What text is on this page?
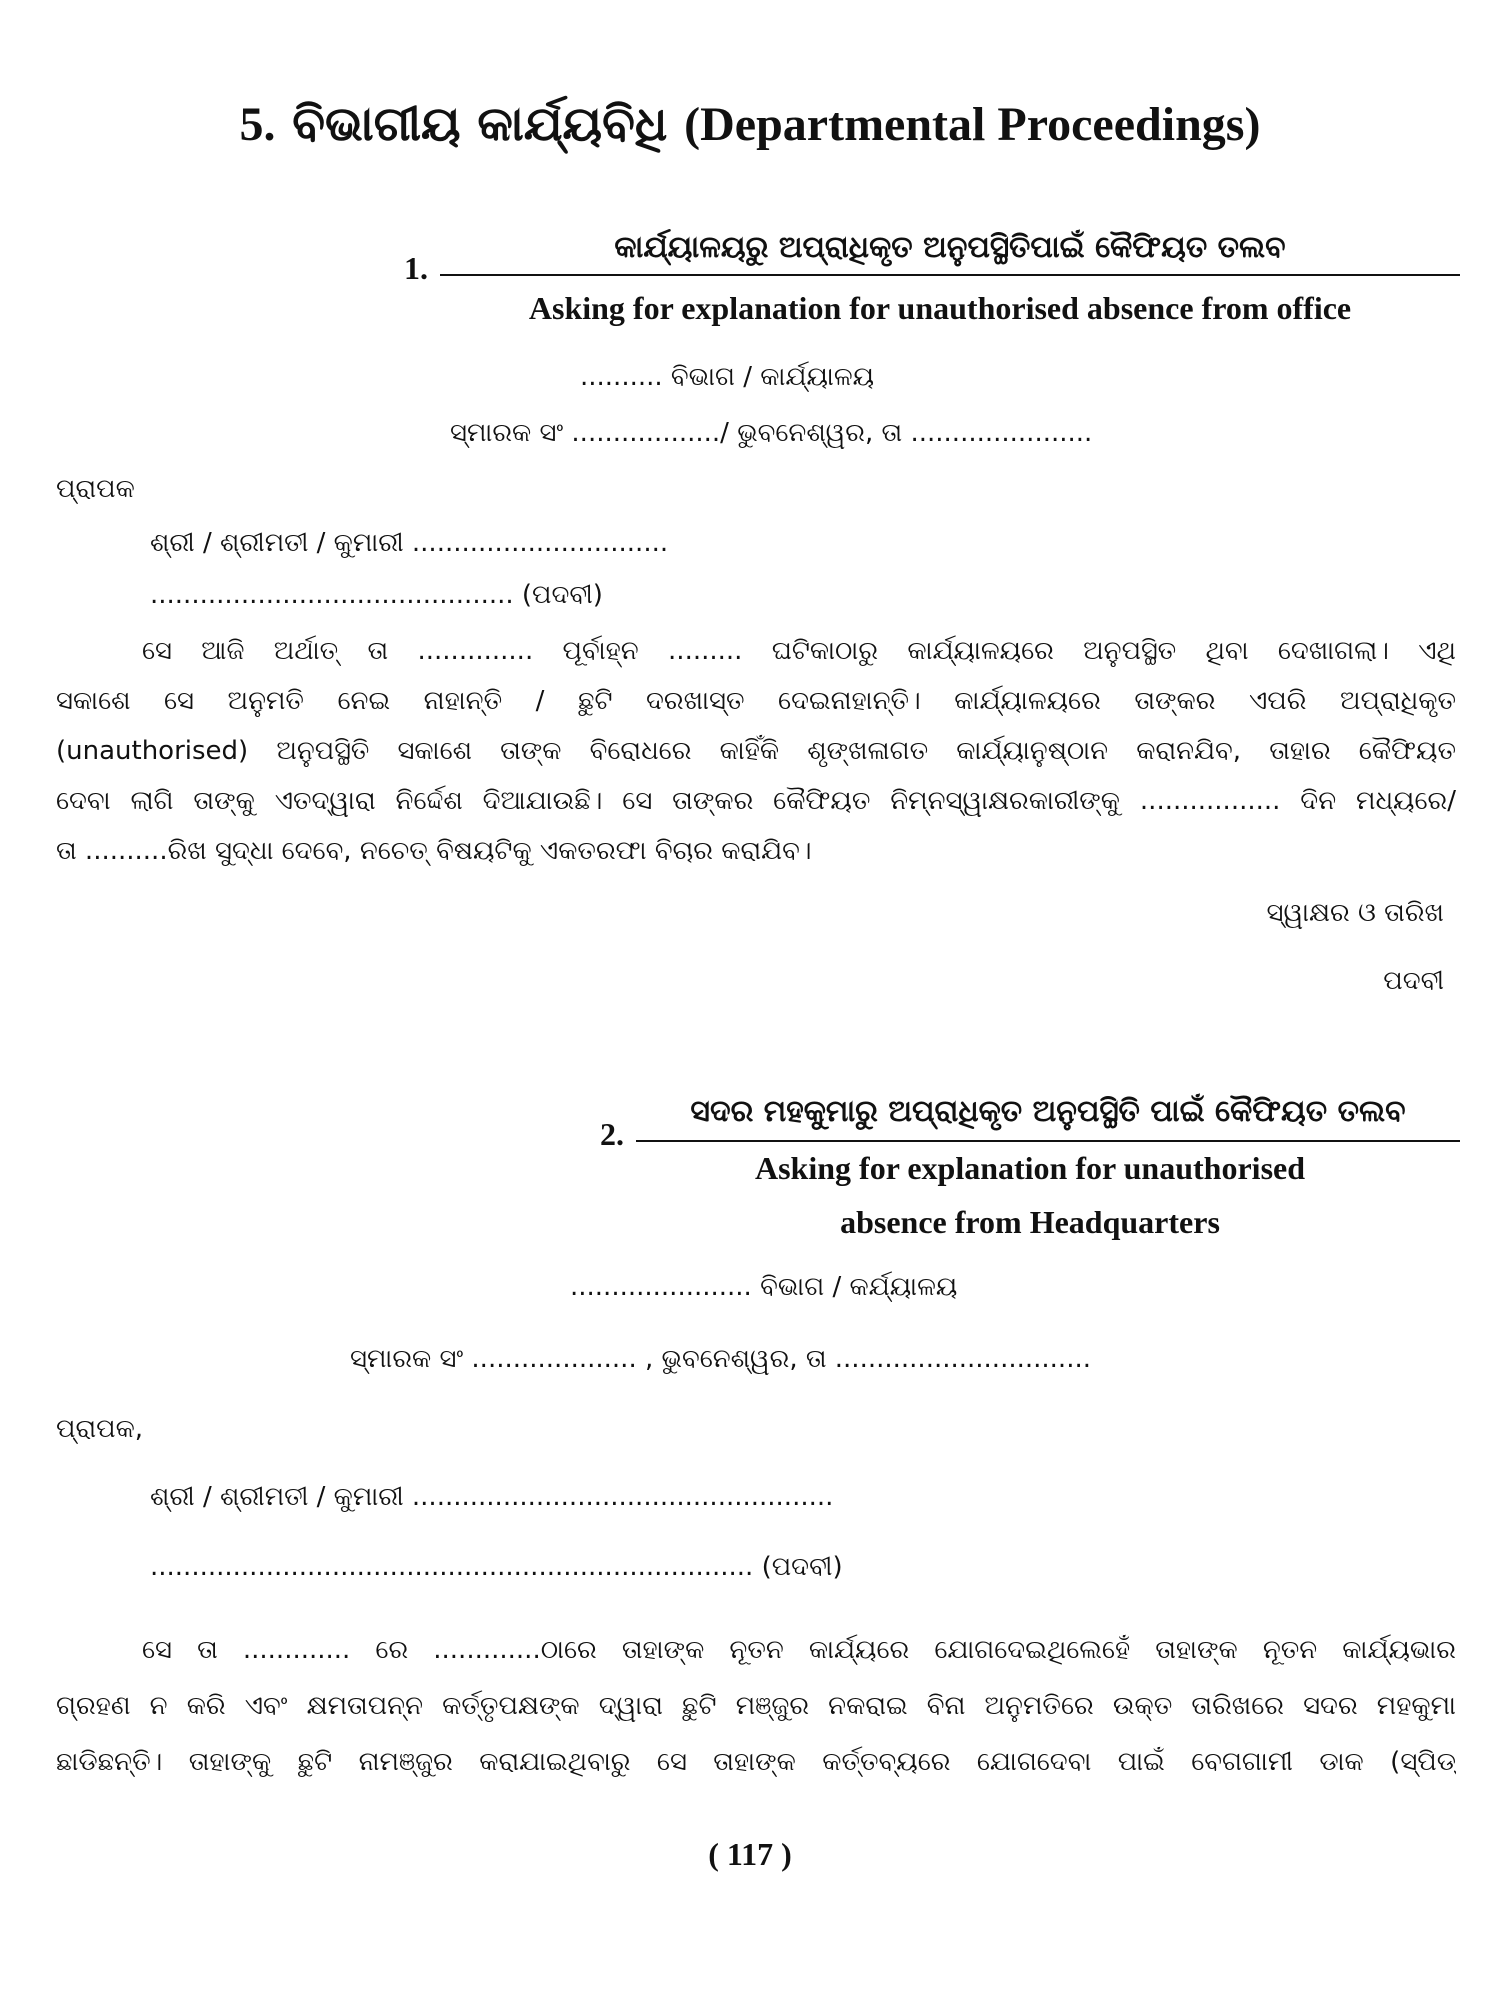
5. ବିଭାଗୀୟ କାର୍ଯ୍ୟବିଧି (Departmental Proceedings)
1.
କାର୍ଯ୍ୟାଳୟରୁ ଅପ୍ରାଧିକୃତ ଅନୁପସ୍ଥିତିପାଇଁ କୈଫିୟତ ତଲବ
Asking for explanation for unauthorised absence from office
.......... ବିଭାଗ / କାର୍ଯ୍ୟାଳୟ
ସ୍ମାରକ ସଂ ................../ ଭୁବନେଶ୍ୱର, ତା ......................
ପ୍ରାପକ
ଶ୍ରୀ / ଶ୍ରୀମତୀ / କୁମାରୀ ...............................
............................................ (ପଦବୀ)
ସେ ଆଜି ଅର୍ଥାତ୍ ତା .............. ପୂର୍ବାହ୍ନ ......... ଘଟିକାଠାରୁ କାର୍ଯ୍ୟାଳୟରେ ଅନୁପସ୍ଥିତ ଥିବା ଦେଖାଗଲା। ଏଥି
ସକାଶେ ସେ ଅନୁମତି ନେଇ ନାହାନ୍ତି / ଛୁଟି ଦରଖାସ୍ତ ଦେଇନାହାନ୍ତି। କାର୍ଯ୍ୟାଳୟରେ ତାଙ୍କର ଏପରି ଅପ୍ରାଧିକୃତ
(unauthorised) ଅନୁପସ୍ଥିତି ସକାଶେ ତାଙ୍କ ବିରୋଧରେ କାହିଁକି ଶୃଙ୍ଖଳାଗତ କାର୍ଯ୍ୟାନୁଷ୍ଠାନ କରାନଯିବ, ତାହାର କୈଫିୟତ
ଦେବା ଲାଗି ତାଙ୍କୁ ଏତଦ୍ୱାରା ନିର୍ଦ୍ଦେଶ ଦିଆଯାଉଛି। ସେ ତାଙ୍କର କୈଫିୟତ ନିମ୍ନସ୍ୱାକ୍ଷରକାରୀଙ୍କୁ ................. ଦିନ ମଧ୍ୟରେ/
ତା ..........ରିଖ ସୁଦ୍ଧା ଦେବେ, ନଚେତ୍ ବିଷୟଟିକୁ ଏକତରଫା ବିଚାର କରାଯିବ।
ସ୍ୱାକ୍ଷର ଓ ତାରିଖ
ପଦବୀ
2.
ସଦର ମହକୁମାରୁ ଅପ୍ରାଧିକୃତ ଅନୁପସ୍ଥିତି ପାଇଁ କୈଫିୟତ ତଲବ
Asking for explanation for unauthorised
absence from Headquarters
...................... ବିଭାଗ / କର୍ଯ୍ୟାଳୟ
ସ୍ମାରକ ସଂ .................... , ଭୁବନେଶ୍ୱର, ତା ...............................
ପ୍ରାପକ,
ଶ୍ରୀ / ଶ୍ରୀମତୀ / କୁମାରୀ ...................................................
......................................................................... (ପଦବୀ)
ସେ ତା ............. ରେ .............ଠାରେ ତାହାଙ୍କ ନୂତନ କାର୍ଯ୍ୟରେ ଯୋଗଦେଇଥିଲେହେଁ ତାହାଙ୍କ ନୂତନ କାର୍ଯ୍ୟଭାର
ଗ୍ରହଣ ନ କରି ଏବଂ କ୍ଷମତାପନ୍ନ କର୍ତ୍ତୃପକ୍ଷଙ୍କ ଦ୍ୱାରା ଛୁଟି ମଞ୍ଜୁର ନକରାଇ ବିନା ଅନୁମତିରେ ଉକ୍ତ ତାରିଖରେ ସଦର ମହକୁମା
ଛାଡିଛନ୍ତି। ତାହାଙ୍କୁ ଛୁଟି ନାମଞ୍ଜୁର କରାଯାଇଥିବାରୁ ସେ ତାହାଙ୍କ କର୍ତ୍ତବ୍ୟରେ ଯୋଗଦେବା ପାଇଁ ବେଗଗାମୀ ଡାକ (ସ୍ପିଡ୍
( 117 )
